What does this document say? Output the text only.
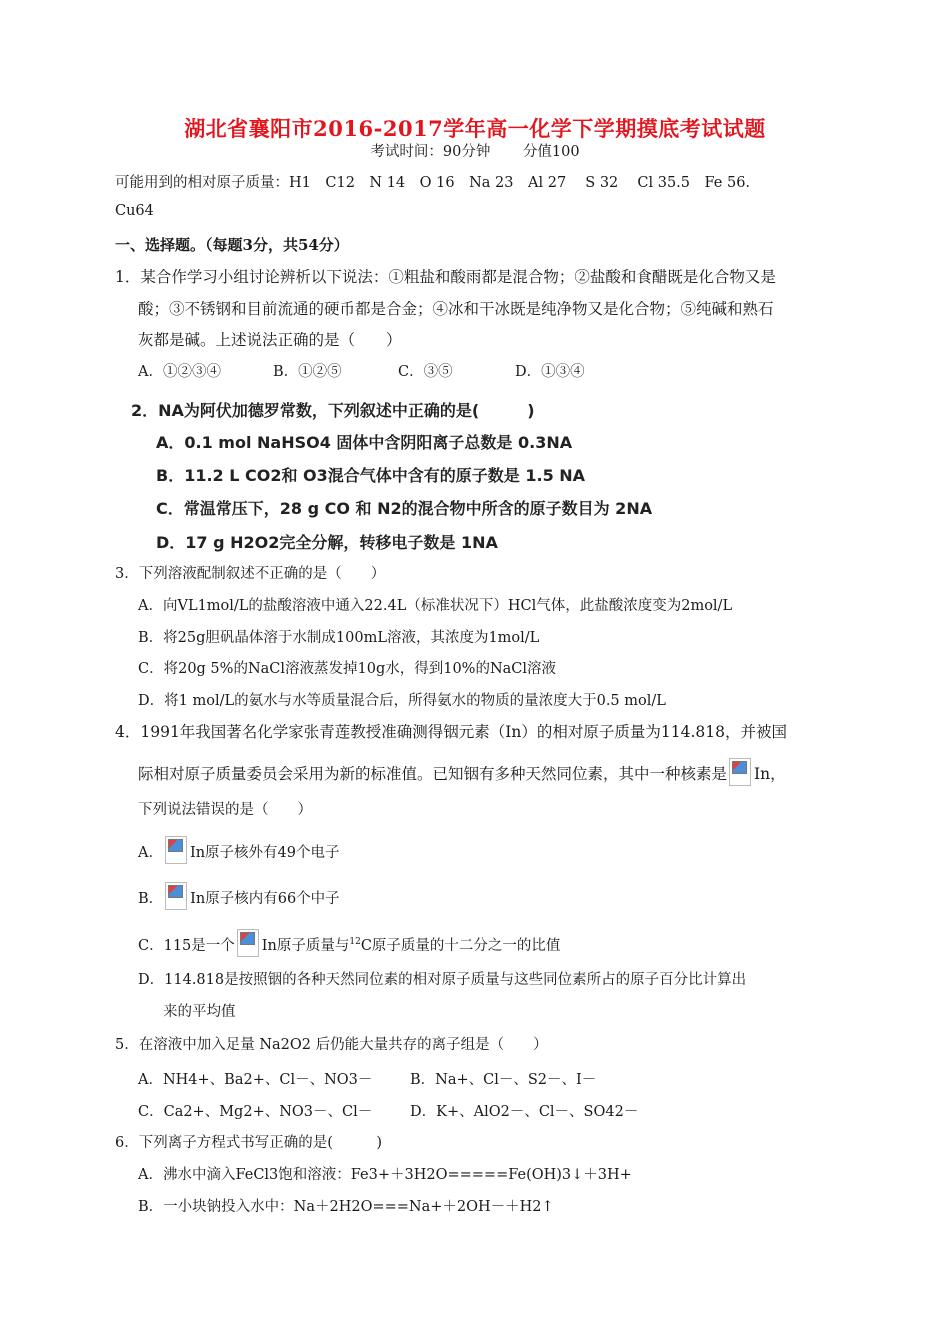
湖北省襄阳市2016-2017学年高一化学下学期摸底考试试题
考试时间：90分钟 分值100
可能用到的相对原子质量：H1　C12　N 14　O 16　Na 23　Al 27　 S 32　 Cl 35.5　Fe 56.
Cu64
一、选择题。（每题3分，共54分）
1．某合作学习小组讨论辨析以下说法：①粗盐和酸雨都是混合物；②盐酸和食醋既是化合物又是
酸；③不锈钢和目前流通的硬币都是合金；④冰和干冰既是纯净物又是化合物；⑤纯碱和熟石
灰都是碱。上述说法正确的是（　　）
A．①②③④	B．①②⑤	C．③⑤	D．①③④
2．NA为阿伏加德罗常数，下列叙述中正确的是(　　　)
A．0.1 mol NaHSO4 固体中含阴阳离子总数是 0.3NA
B．11.2 L CO2和 O3混合气体中含有的原子数是 1.5 NA
C．常温常压下，28 g CO 和 N2的混合物中所含的原子数目为 2NA
D．17 g H2O2完全分解，转移电子数是 1NA
3．下列溶液配制叙述不正确的是（　　）
A．向VL1mol/L的盐酸溶液中通入22.4L（标准状况下）HCl气体，此盐酸浓度变为2mol/L
B．将25g胆矾晶体溶于水制成100mL溶液，其浓度为1mol/L
C．将20g 5%的NaCl溶液蒸发掉10g水，得到10%的NaCl溶液
D．将1 mol/L的氨水与水等质量混合后，所得氨水的物质的量浓度大于0.5 mol/L
4．1991年我国著名化学家张青莲教授准确测得铟元素（In）的相对原子质量为114.818，并被国
际相对原子质量委员会采用为新的标准值。已知铟有多种天然同位素，其中一种核素是 In，
下列说法错误的是（　　）
A． In原子核外有49个电子
B． In原子核内有66个中子
C．115是一个 In原子质量与$^{12}$C原子质量的十二分之一的比值
D．114.818是按照铟的各种天然同位素的相对原子质量与这些同位素所占的原子百分比计算出
来的平均值
5．在溶液中加入足量 Na2O2 后仍能大量共存的离子组是（　　）
A．NH4+、Ba2+、Cl－、NO3－	B．Na+、Cl－、S2－、I－
C．Ca2+、Mg2+、NO3－、Cl－	D．K+、AlO2－、Cl－、SO42－
6．下列离子方程式书写正确的是(　　　)
A．沸水中滴入FeCl3饱和溶液：Fe3+＋3H2O=====Fe(OH)3↓＋3H+
B．一小块钠投入水中：Na＋2H2O===Na+＋2OH－＋H2↑
